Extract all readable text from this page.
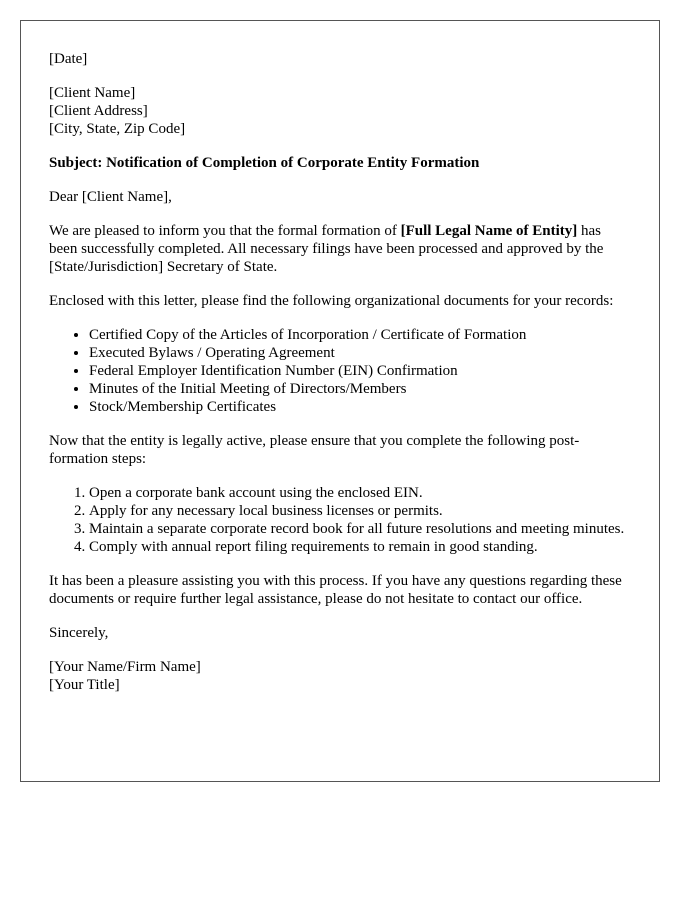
[Date]

[Client Name]

[Client Address]

[City, State, Zip Code]

Subject: Notification of Completion of Corporate Entity Formation

Dear [Client Name],

We are pleased to inform you that the formal formation of [Full Legal Name of Entity] has been successfully completed. All necessary filings have been processed and approved by the [State/Jurisdiction] Secretary of State.

Enclosed with this letter, please find the following organizational documents for your records:

• Certified Copy of the Articles of Incorporation / Certificate of Formation
• Executed Bylaws / Operating Agreement
• Federal Employer Identification Number (EIN) Confirmation
• Minutes of the Initial Meeting of Directors/Members
• Stock/Membership Certificates

Now that the entity is legally active, please ensure that you complete the following post-formation steps:

1. Open a corporate bank account using the enclosed EIN.
2. Apply for any necessary local business licenses or permits.
3. Maintain a separate corporate record book for all future resolutions and meeting minutes.
4. Comply with annual report filing requirements to remain in good standing.

It has been a pleasure assisting you with this process. If you have any questions regarding these documents or require further legal assistance, please do not hesitate to contact our office.

Sincerely,

[Your Name/Firm Name]

[Your Title]
